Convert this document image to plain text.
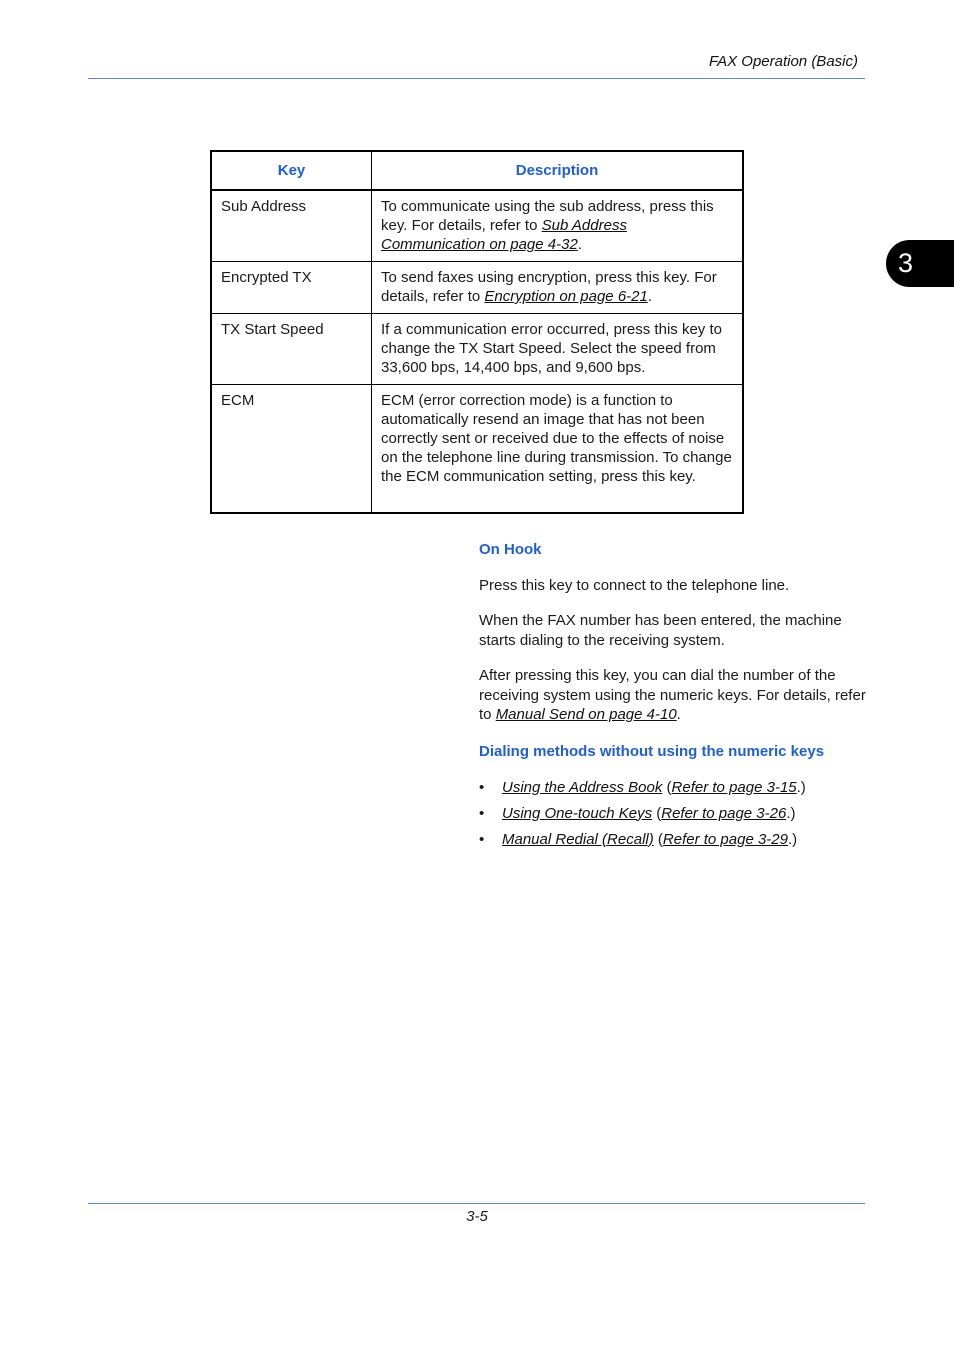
FAX Operation (Basic)
3
Key	Description
Sub Address	To communicate using the sub address, press this key. For details, refer to Sub Address Communication on page 4-32.
Encrypted TX	To send faxes using encryption, press this key. For details, refer to Encryption on page 6-21.
TX Start Speed	If a communication error occurred, press this key to change the TX Start Speed. Select the speed from 33,600 bps, 14,400 bps, and 9,600 bps.
ECM	ECM (error correction mode) is a function to automatically resend an image that has not been correctly sent or received due to the effects of noise on the telephone line during transmission. To change the ECM communication setting, press this key.
On Hook

Press this key to connect to the telephone line.

When the FAX number has been entered, the machine starts dialing to the receiving system.

After pressing this key, you can dial the number of the receiving system using the numeric keys. For details, refer to Manual Send on page 4-10.

Dialing methods without using the numeric keys
• Using the Address Book (Refer to page 3-15.)
• Using One-touch Keys (Refer to page 3-26.)
• Manual Redial (Recall) (Refer to page 3-29.)
3-5
